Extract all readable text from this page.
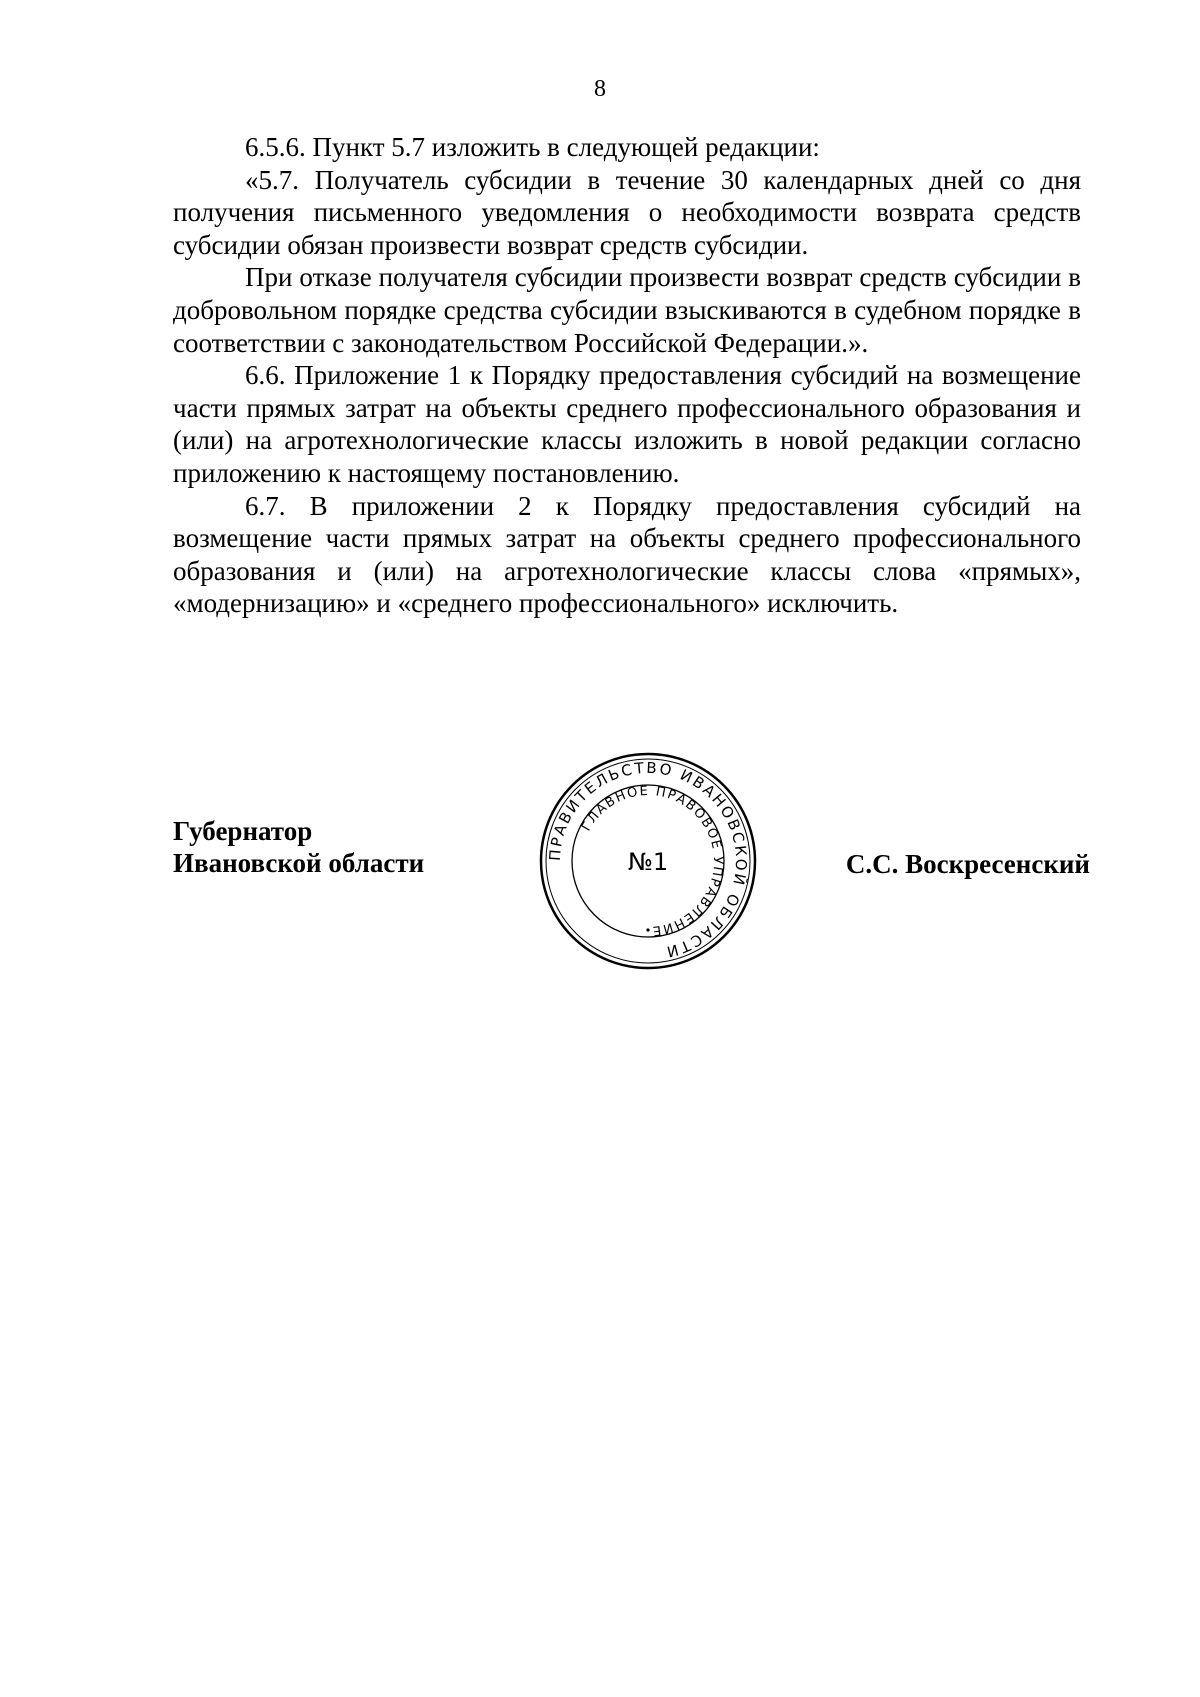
8

6.5.6. Пункт 5.7 изложить в следующей редакции:

«5.7. Получатель субсидии в течение 30 календарных дней со дня получения письменного уведомления о необходимости возврата средств субсидии обязан произвести возврат средств субсидии.

При отказе получателя субсидии произвести возврат средств субсидии в добровольном порядке средства субсидии взыскиваются в судебном порядке в соответствии с законодательством Российской Федерации.».

6.6. Приложение 1 к Порядку предоставления субсидий на возмещение части прямых затрат на объекты среднего профессионального образования и (или) на агротехнологические классы изложить в новой редакции согласно приложению к настоящему постановлению.

6.7. В приложении 2 к Порядку предоставления субсидий на возмещение части прямых затрат на объекты среднего профессионального образования и (или) на агротехнологические классы слова «прямых», «модернизацию» и «среднего профессионального» исключить.

Губернатор
Ивановской области	ПРАВИТЕЛЬСТВО ИВАНОВСКОЙ ОБЛАСТИ
ГЛАВНОЕ ПРАВОВОЕ УПРАВЛЕНИЕ
№1	С.С. Воскресенский
